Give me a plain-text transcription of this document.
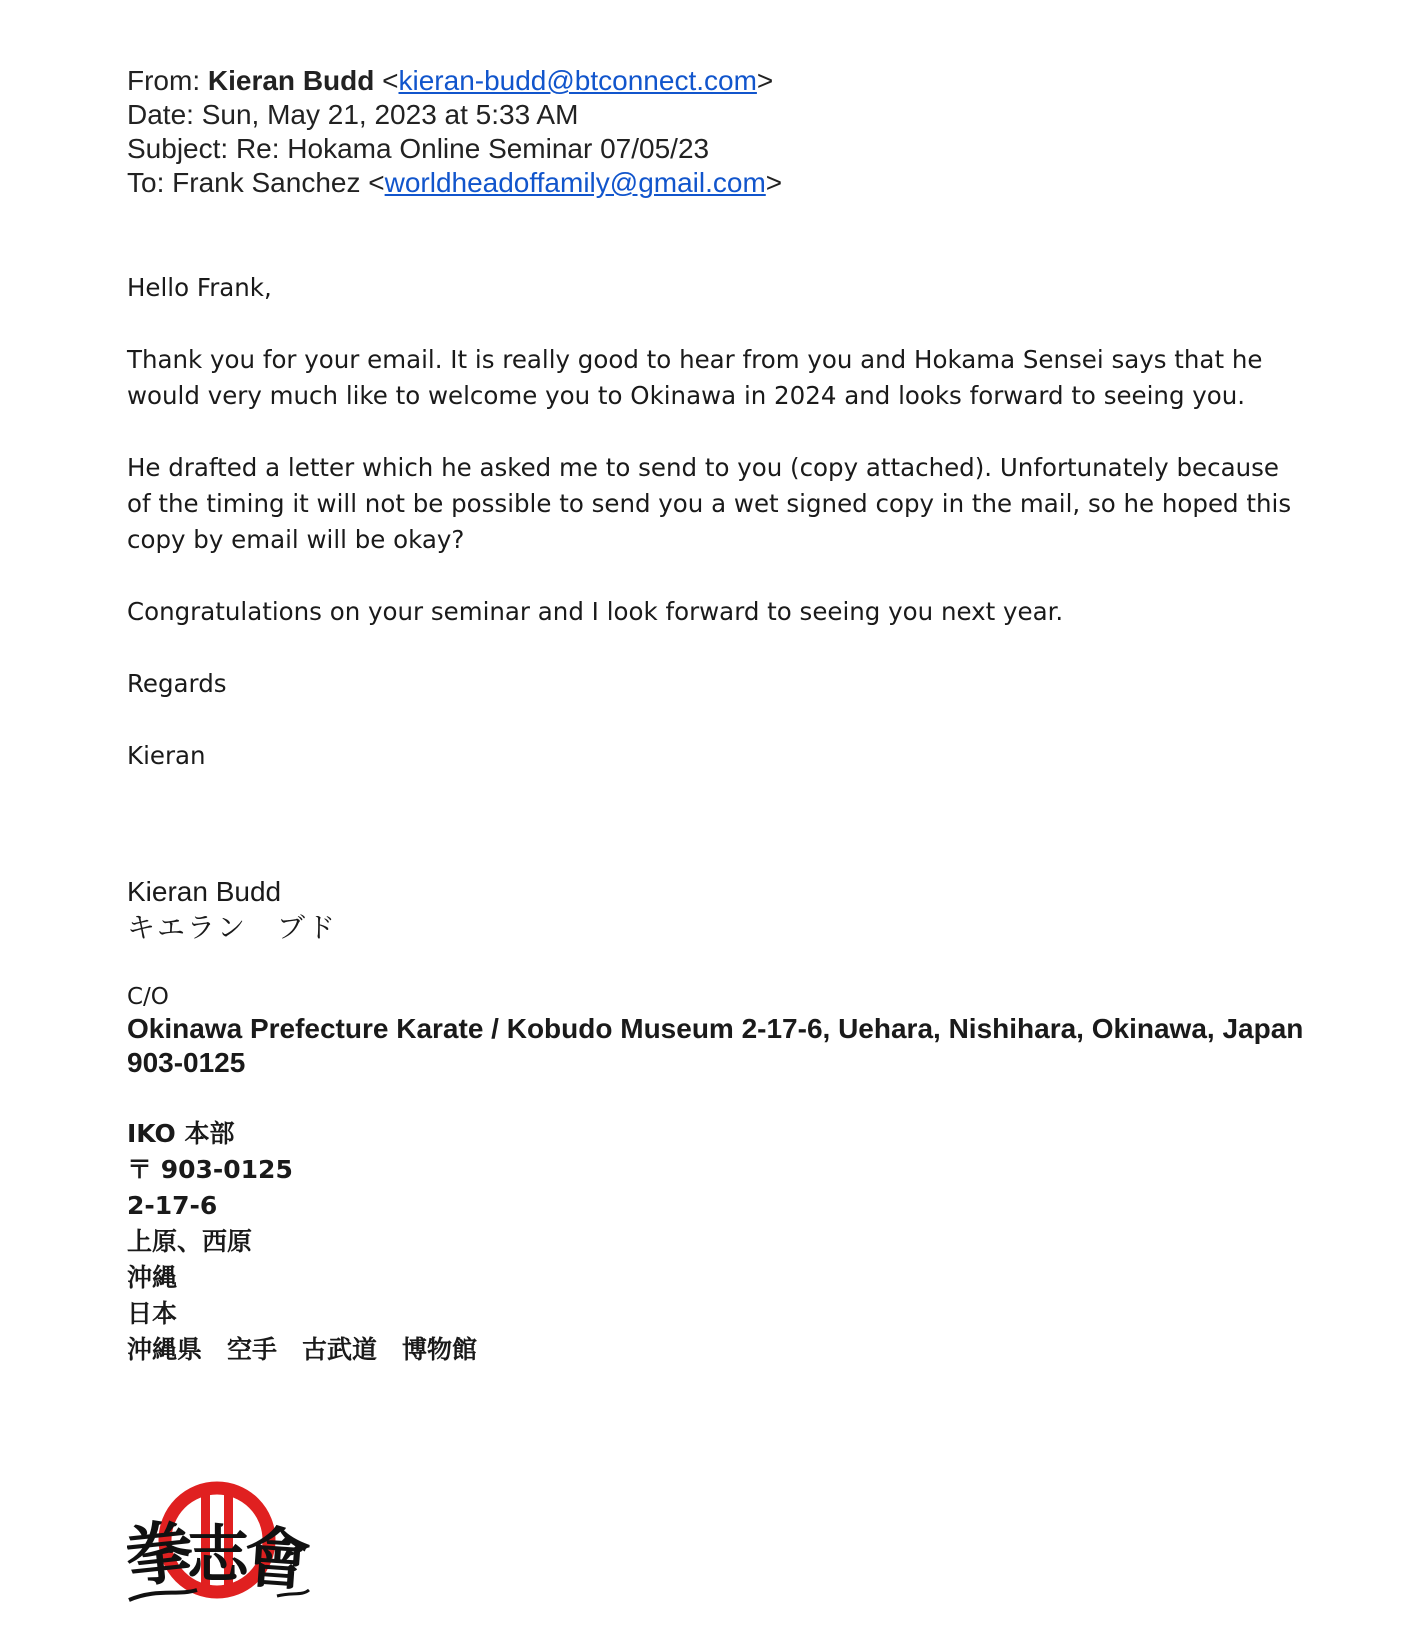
From: Kieran Budd <kieran-budd@btconnect.com>
Date: Sun, May 21, 2023 at 5:33 AM
Subject: Re: Hokama Online Seminar 07/05/23
To: Frank Sanchez <worldheadoffamily@gmail.com>

Hello Frank,

Thank you for your email. It is really good to hear from you and Hokama Sensei says that he would very much like to welcome you to Okinawa in 2024 and looks forward to seeing you.

He drafted a letter which he asked me to send to you (copy attached). Unfortunately because of the timing it will not be possible to send you a wet signed copy in the mail, so he hoped this copy by email will be okay?

Congratulations on your seminar and I look forward to seeing you next year.

Regards

Kieran

Kieran Budd
キエラン　ブド
C/O
Okinawa Prefecture Karate / Kobudo Museum 2-17-6, Uehara, Nishihara, Okinawa, Japan
903-0125
IKO 本部
〒 903-0125
2-17-6
上原、西原
沖縄
日本
沖縄県　空手　古武道　博物館
拳
志
會
